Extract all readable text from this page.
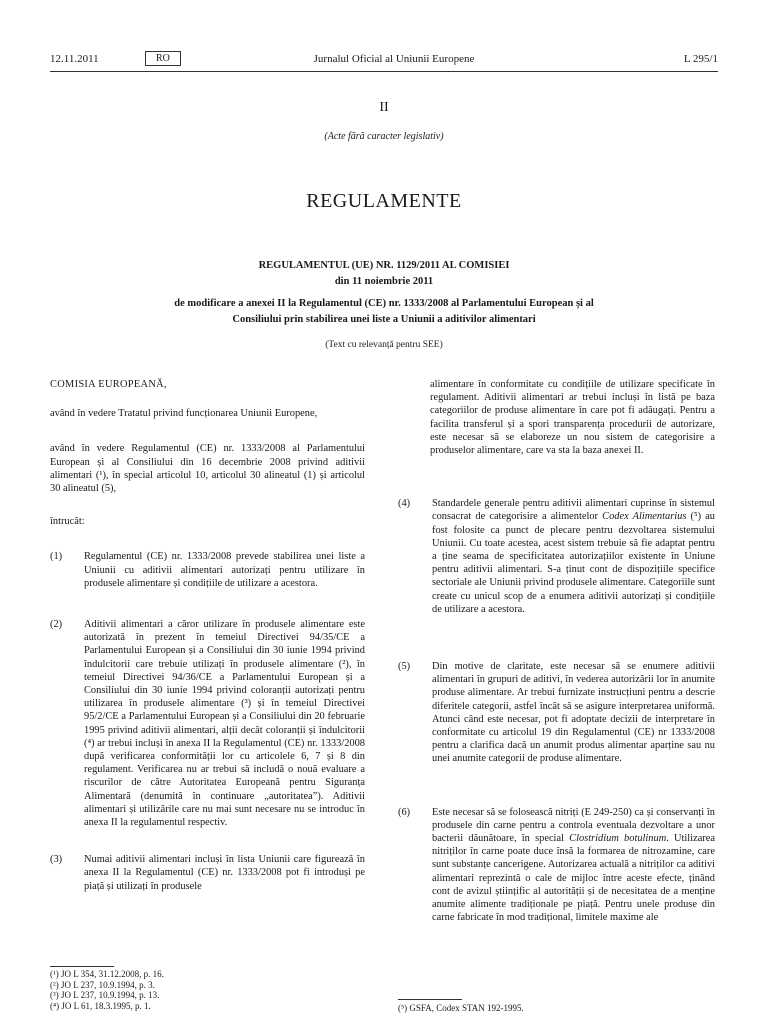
12.11.2011	RO	Jurnalul Oficial al Uniunii Europene	L 295/1
II
(Acte fără caracter legislativ)
REGULAMENTE
REGULAMENTUL (UE) NR. 1129/2011 AL COMISIEI
din 11 noiembrie 2011
de modificare a anexei II la Regulamentul (CE) nr. 1333/2008 al Parlamentului European și al
Consiliului prin stabilirea unei liste a Uniunii a aditivilor alimentari
(Text cu relevanță pentru SEE)

COMISIA EUROPEANĂ,

având în vedere Tratatul privind funcționarea Uniunii Europene,

având în vedere Regulamentul (CE) nr. 1333/2008 al Parlamentului European și al Consiliului din 16 decembrie 2008 privind aditivii alimentari (¹), în special articolul 10, articolul 30 alineatul (1) și articolul 30 alineatul (5),

întrucât:

(1)	Regulamentul (CE) nr. 1333/2008 prevede stabilirea unei liste a Uniunii cu aditivii alimentari autorizați pentru utilizare în produsele alimentare și condițiile de utilizare a acestora.
(2)	Aditivii alimentari a căror utilizare în produsele alimentare este autorizată în prezent în temeiul Directivei 94/35/CE a Parlamentului European și a Consiliului din 30 iunie 1994 privind îndulcitorii care trebuie utilizați în produsele alimentare (²), în temeiul Directivei 94/36/CE a Parlamentului European și a Consiliului din 30 iunie 1994 privind coloranții autorizați pentru utilizarea în produsele alimentare (³) și în temeiul Directivei 95/2/CE a Parlamentului European și a Consiliului din 20 februarie 1995 privind aditivii alimentari, alții decât coloranții și îndulcitorii (⁴) ar trebui incluși în anexa II la Regulamentul (CE) nr. 1333/2008 după verificarea conformității lor cu articolele 6, 7 și 8 din regulament. Verificarea nu ar trebui să includă o nouă evaluare a riscurilor de către Autoritatea Europeană pentru Siguranța Alimentară (denumită în continuare „autoritatea”). Aditivii alimentari și utilizările care nu mai sunt necesare nu se introduc în anexa II la regulamentul respectiv.
(3)	Numai aditivii alimentari incluși în lista Uniunii care figurează în anexa II la Regulamentul (CE) nr. 1333/2008 pot fi introduși pe piață și utilizați în produsele

alimentare în conformitate cu condițiile de utilizare specificate în regulament. Aditivii alimentari ar trebui incluși în listă pe baza categoriilor de produse alimentare în care pot fi adăugați. Pentru a facilita transferul și a spori transparența procedurii de autorizare, este necesar să se elaboreze un nou sistem de categorisire a produselor alimentare, care va sta la baza anexei II.

(4)	Standardele generale pentru aditivii alimentari cuprinse în sistemul consacrat de categorisire a alimentelor Codex Alimentarius (⁵) au fost folosite ca punct de plecare pentru dezvoltarea sistemului Uniunii. Cu toate acestea, acest sistem trebuie să fie adaptat pentru a ține seama de specificitatea autorizațiilor existente în Uniune pentru aditivii alimentari. S-a ținut cont de dispozițiile specifice sectoriale ale Uniunii privind produsele alimentare. Categoriile sunt create cu unicul scop de a enumera aditivii autorizați și condițiile de utilizare a acestora.
(5)	Din motive de claritate, este necesar să se enumere aditivii alimentari în grupuri de aditivi, în vederea autorizării lor în anumite produse alimentare. Ar trebui furnizate instrucțiuni pentru a descrie diferitele categorii, astfel încât să se asigure interpretarea uniformă. Atunci când este necesar, pot fi adoptate decizii de interpretare în conformitate cu articolul 19 din Regulamentul (CE) nr 1333/2008 pentru a clarifica dacă un anumit produs alimentar aparține sau nu unei anumite categorii de produse alimentare.
(6)	Este necesar să se folosească nitriți (E 249-250) ca și conservanți în produsele din carne pentru a controla eventuala dezvoltare a unor bacterii dăunătoare, în special Clostridium botulinum. Utilizarea nitriților în carne poate duce însă la formarea de nitrozamine, care sunt substanțe cancerigene. Autorizarea actuală a nitriților ca aditivi alimentari reprezintă o cale de mijloc între aceste efecte, ținând cont de avizul științific al autorității și de necesitatea de a menține anumite alimente tradiționale pe piață. Pentru unele produse din carne fabricate în mod tradițional, limitele maxime ale
(¹) JO L 354, 31.12.2008, p. 16.
(²) JO L 237, 10.9.1994, p. 3.
(³) JO L 237, 10.9.1994, p. 13.
(⁴) JO L 61, 18.3.1995, p. 1.	(⁵) GSFA, Codex STAN 192-1995.
